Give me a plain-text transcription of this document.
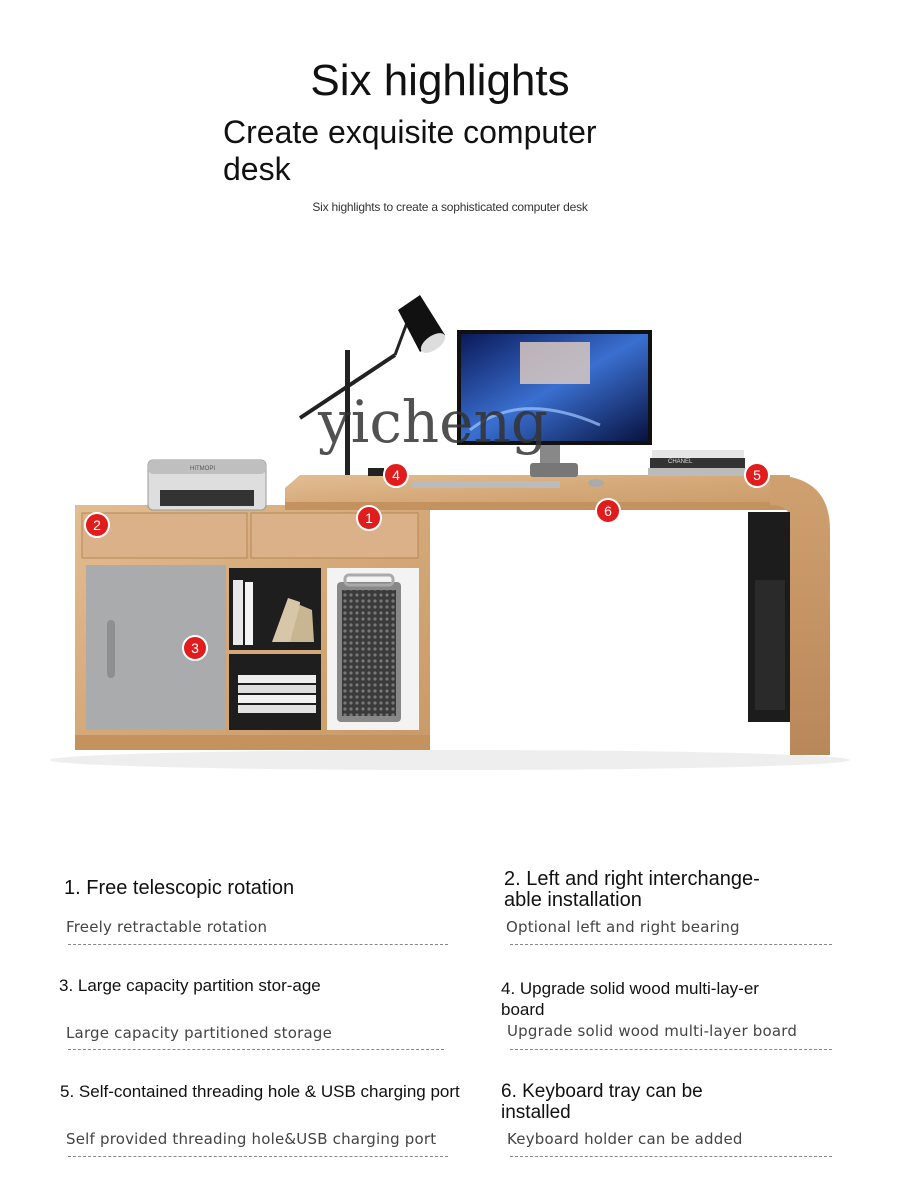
Six highlights
Create exquisite computer desk
Six highlights to create a sophisticated computer desk
HITMOPI
CHANEL
yicheng
1
2
3
4	5
6
1. Free telescopic rotation
Freely retractable rotation
2. Left and right interchange-able installation
Optional left and right bearing
3. Large capacity partition stor-age
Large capacity partitioned storage
4. Upgrade solid wood multi-lay-er board
Upgrade solid wood multi-layer board
5. Self-contained threading hole & USB charging port
Self provided threading hole&USB charging port
6. Keyboard tray can be installed
Keyboard holder can be added
